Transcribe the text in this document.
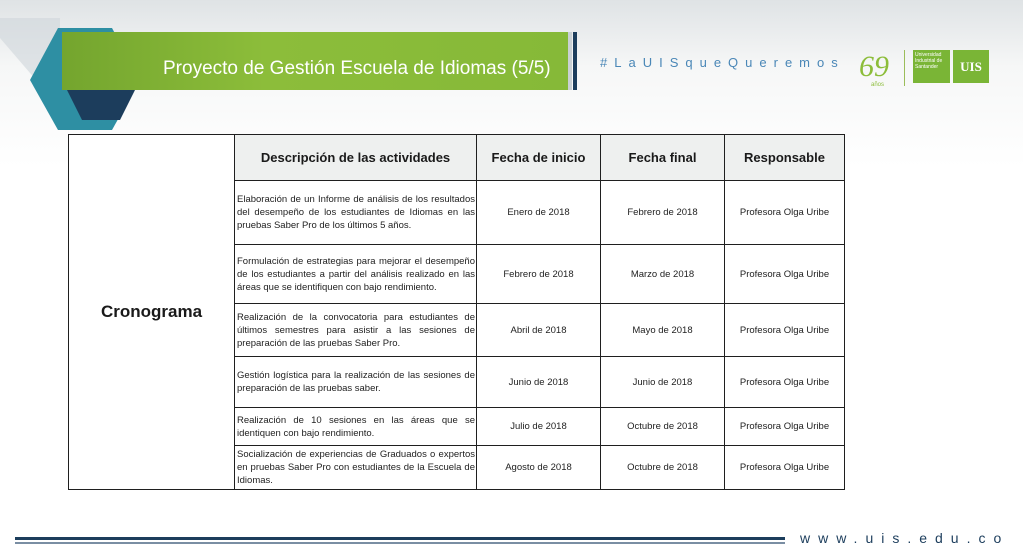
Proyecto de Gestión Escuela de Idiomas (5/5)	#LaUISqueQueremos 69
años
Universidad Industrial de Santander	UIS
Cronograma	Descripción de las actividades	Fecha de inicio	Fecha final	Responsable
	Elaboración de un Informe de análisis de los resultados del desempeño de los estudiantes de Idiomas en las pruebas Saber Pro de los últimos 5 años.	Enero de 2018	Febrero de 2018	Profesora Olga Uribe
	Formulación de estrategias para mejorar el desempeño de los estudiantes a partir del análisis realizado en las áreas que se identifiquen con bajo rendimiento.	Febrero de 2018	Marzo de 2018	Profesora Olga Uribe
	Realización de la convocatoria para estudiantes de últimos semestres para asistir a las sesiones de preparación de las pruebas Saber Pro.	Abril de 2018	Mayo de 2018	Profesora Olga Uribe
	Gestión logística para la realización de las sesiones de preparación de las pruebas saber.	Junio de 2018	Junio de 2018	Profesora Olga Uribe
	Realización de 10 sesiones en las áreas que se identiquen con bajo rendimiento.	Julio de 2018	Octubre de 2018	Profesora Olga Uribe
	Socialización de experiencias de Graduados o expertos en pruebas Saber Pro con estudiantes de la Escuela de Idiomas.	Agosto de 2018	Octubre de 2018	Profesora Olga Uribe
www.uis.edu.co
